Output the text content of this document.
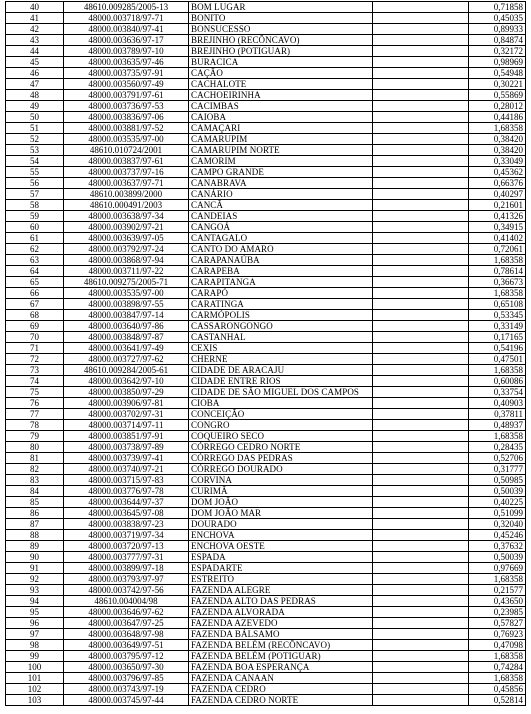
40	48610.009285/2005-13	BOM LUGAR		0,71858
41	48000.003718/97-71	BONITO		0,45035
42	48000.003840/97-41	BONSUCESSO		0,89933
43	48000.003636/97-17	BREJINHO (RECÔNCAVO)		0,84874
44	48000.003789/97-10	BREJINHO (POTIGUAR)		0,32172
45	48000.003635/97-46	BURACICA		0,98969
46	48000.003735/97-91	CAÇÃO		0,54948
47	48000.003560/97-49	CACHALOTE		0,30221
48	48000.003791/97-61	CACHOEIRINHA		0,55869
49	48000.003736/97-53	CACIMBAS		0,28012
50	48000.003836/97-06	CAIOBA		0,44186
51	48000.003881/97-52	CAMAÇARI		1,68358
52	48000.003535/97-00	CAMARUPIM		0,38420
53	48610.010724/2001	CAMARUPIM NORTE		0,38420
54	48000.003837/97-61	CAMORIM		0,33049
55	48000.003737/97-16	CAMPO GRANDE		0,45362
56	48000.003637/97-71	CANABRAVA		0,66376
57	48610.003899/2000	CANÁRIO		0,40297
58	48610.000491/2003	CANCÃ		0,21601
59	48000.003638/97-34	CANDEIAS		0,41326
60	48000.003902/97-21	CANGOÁ		0,34915
61	48000.003639/97-05	CANTAGALO		0,41402
62	48000.003792/97-24	CANTO DO AMARO		0,72061
63	48000.003868/97-94	CARAPANAÚBA		1,68358
64	48000.003711/97-22	CARAPEBA		0,78614
65	48610.009275/2005-71	CARAPITANGA		0,36673
66	48000.003535/97-00	CARAPÓ		1,68358
67	48000.003898/97-55	CARATINGA		0,65108
68	48000.003847/97-14	CARMÓPOLIS		0,53345
69	48000.003640/97-86	CASSARONGONGO		0,33149
70	48000.003848/97-87	CASTANHAL		0,17165
71	48000.003641/97-49	CEXIS		0,54196
72	48000.003727/97-62	CHERNE		0,47501
73	48610.009284/2005-61	CIDADE DE ARACAJU		1,68358
74	48000.003642/97-10	CIDADE ENTRE RIOS		0,60086
75	48000.003850/97-29	CIDADE DE SÃO MIGUEL DOS CAMPOS		0,33754
76	48000.003906/97-81	CIOBA		0,40903
77	48000.003702/97-31	CONCEIÇÃO		0,37811
78	48000.003714/97-11	CONGRO		0,48937
79	48000.003851/97-91	COQUEIRO SECO		1,68358
80	48000.003738/97-89	CÓRREGO CEDRO NORTE		0,28435
81	48000.003739/97-41	CÓRREGO DAS PEDRAS		0,52706
82	48000.003740/97-21	CÓRREGO DOURADO		0,31777
83	48000.003715/97-83	CORVINA		0,50985
84	48000.003776/97-78	CURIMÃ		0,50039
85	48000.003644/97-37	DOM JOÃO		0,40225
86	48000.003645/97-08	DOM JOÃO MAR		0,51099
87	48000.003838/97-23	DOURADO		0,32040
88	48000.003719/97-34	ENCHOVA		0,45246
89	48000.003720/97-13	ENCHOVA OESTE		0,37632
90	48000.003777/97-31	ESPADA		0,50039
91	48000.003899/97-18	ESPADARTE		0,97669
92	48000.003793/97-97	ESTREITO		1,68358
93	48000.003742/97-56	FAZENDA ALEGRE		0,21577
94	48610.004004/98	FAZENDA ALTO DAS PEDRAS		0,43650
95	48000.003646/97-62	FAZENDA ALVORADA		0,23985
96	48000.003647/97-25	FAZENDA AZEVEDO		0,57827
97	48000.003648/97-98	FAZENDA BÁLSAMO		0,76923
98	48000.003649/97-51	FAZENDA BELÉM (RECÔNCAVO)		0,47098
99	48000.003795/97-12	FAZENDA BELÉM (POTIGUAR)		1,68358
100	48000.003650/97-30	FAZENDA BOA ESPERANÇA		0,74284
101	48000.003796/97-85	FAZENDA CANAAN		1,68358
102	48000.003743/97-19	FAZENDA CEDRO		0,45856
103	48000.003745/97-44	FAZENDA CEDRO NORTE		0,52814
